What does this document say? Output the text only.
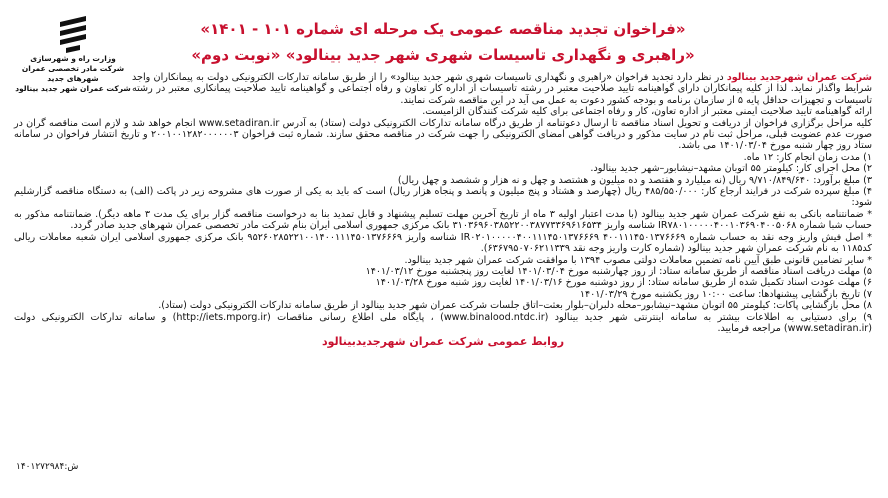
«فراخوان تجدید مناقصه عمومی یک مرحله ای شماره ۱۰۱ - ۱۴۰۱»
«راهبری و نگهداری تاسیسات شهری شهر جدید بینالود» «نوبت دوم»
وزارت راه و شهرسازی
شرکت مادر تخصصی عمران شهرهای جدید
شرکت عمران شهر جدید بینالود

شرکت عمران شهرجدید بینالود در نظر دارد تجدید فراخوان «راهبری و نگهداری تاسیسات شهری شهر جدید بینالود» را از طریق سامانه تدارکات الکترونیکی دولت به پیمانکاران واجد شرایط واگذار نماید. لذا از کلیه پیمانکاران دارای گواهینامه تایید صلاحیت معتبر در رشته تاسیسات از اداره کار تعاون و رفاه اجتماعی و گواهینامه تایید صلاحیت پیمانکاری معتبر در رشته تاسیسات و تجهیزات حداقل پایه ۵ از سازمان برنامه و بودجه کشور دعوت به عمل می آید در این مناقصه شرکت نمایند.

ارائه گواهینامه تایید صلاحیت ایمنی معتبر از اداره تعاون، کار و رفاه اجتماعی برای کلیه شرکت کنندگان الزامیست.

کلیه مراحل برگزاری فراخوان از دریافت و تحویل اسناد مناقصه تا ارسال دعوتنامه از طریق درگاه سامانه تدارکات الکترونیکی دولت (ستاد) به آدرس www.setadiran.ir انجام خواهد شد و لازم است مناقصه گران در صورت عدم عضویت قبلی، مراحل ثبت نام در سایت مذکور و دریافت گواهی امضای الکترونیکی را جهت شرکت در مناقصه محقق سازند. شماره ثبت فراخوان ۲۰۰۱۰۰۱۲۸۲۰۰۰۰۰۰۳ و تاریخ انتشار فراخوان در سامانه ستاد روز چهار شنبه مورخ ۱۴۰۱/۰۳/۰۴ می باشد.

۱) مدت زمان انجام کار: ۱۲ ماه.

۲) محل اجرای کار: کیلومتر ۵۵ اتوبان مشهد–نیشابور–شهر جدید بینالود.

۳) مبلغ برآورد: ۹/۷۱۰/۸۴۹/۶۴۰ ریال (نه میلیارد و هفتصد و ده میلیون و هشتصد و چهل و نه هزار و ششصد و چهل ریال)

۴) مبلغ سپرده شرکت در فرایند ارجاع کار: ۴۸۵/۵۵۰/۰۰۰ ریال (چهارصد و هشتاد و پنج میلیون و پانصد و پنجاه هزار ریال) است که باید به یکی از صورت های مشروحه زیر در پاکت (الف) به دستگاه مناقصه گزارشلیم شود:

* ضمانتنامه بانکی به نفع شرکت عمران شهر جدید بینالود (با مدت اعتبار اولیه ۳ ماه از تاریخ آخرین مهلت تسلیم پیشنهاد و قابل تمدید بنا به درخواست مناقصه گزار برای یک مدت ۳ ماهه دیگر). ضمانتنامه مذکور به حساب شبا شماره IR۷۸۰۱۰۰۰۰۰۴۰۰۱۰۳۶۹۰۴۰۰۵۰۶۸ شناسه واریز ۳۱۰۳۶۹۶۰۳۸۵۲۲۰۰۳۸۷۷۳۳۶۹۶۱۶۵۳۴ بانک مرکزی جمهوری اسلامی ایران بنام شرکت مادر تخصصی عمران شهرهای جدید صادر گردد.

* اصل فیش واریز وجه نقد به حساب شماره ۴۰۰۱۱۱۴۵۰۱۳۷۶۶۶۹ IR۰۲۰۱۰۰۰۰۰۴۰۰۱۱۱۴۵۰۱۳۷۶۶۶۹ شناسه واریز ۹۵۲۶۰۲۸۵۲۲۱۰۰۱۴۰۰۱۱۱۴۵۰۱۳۷۶۶۶۹ بانک مرکزی جمهوری اسلامی ایران شعبه معاملات ریالی کد۱۱۸۵ به نام شرکت عمران شهر جدید بینالود (شماره کارت واریز وجه نقد ۶۳۶۷۹۵۰۷۰۶۲۱۱۳۳۹).

* سایر تضامین قانونی طبق آیین نامه تضمین معاملات دولتی مصوب ۱۳۹۴ با موافقت شرکت عمران شهر جدید بینالود.

۵) مهلت دریافت اسناد مناقصه از طریق سامانه ستاد: از روز چهارشنبه مورخ ۱۴۰۱/۰۳/۰۴ لغایت روز پنجشنبه مورخ ۱۴۰۱/۰۳/۱۲

۶) مهلت عودت اسناد تکمیل شده از طریق سامانه ستاد: از روز دوشنبه مورخ ۱۴۰۱/۰۳/۱۶ لغایت روز شنبه مورخ ۱۴۰۱/۰۳/۲۸

۷) تاریخ بازگشایی پیشنهادها: ساعت ۱۰:۰۰ روز یکشنبه مورخ ۱۴۰۱/۰۳/۲۹

۸) محل بازگشایی پاکات: کیلومتر ۵۵ اتوبان مشهد–نیشابور–محله دلبران–بلوار بعثت–اتاق جلسات شرکت عمران شهر جدید بینالود از طریق سامانه تدارکات الکترونیکی دولت (ستاد).

۹) برای دستیابی به اطلاعات بیشتر به سامانه اینترنتی شهر جدید بینالود (www.binalood.ntdc.ir) ، پایگاه ملی اطلاع رسانی مناقصات (http://iets.mporg.ir) و سامانه تدارکات الکترونیکی دولت (www.setadiran.ir) مراجعه فرمایید.

روابط عمومی شرکت عمران شهرجدیدبینالود
۱۴۰۱۲۷۲۹۸۴:ش
